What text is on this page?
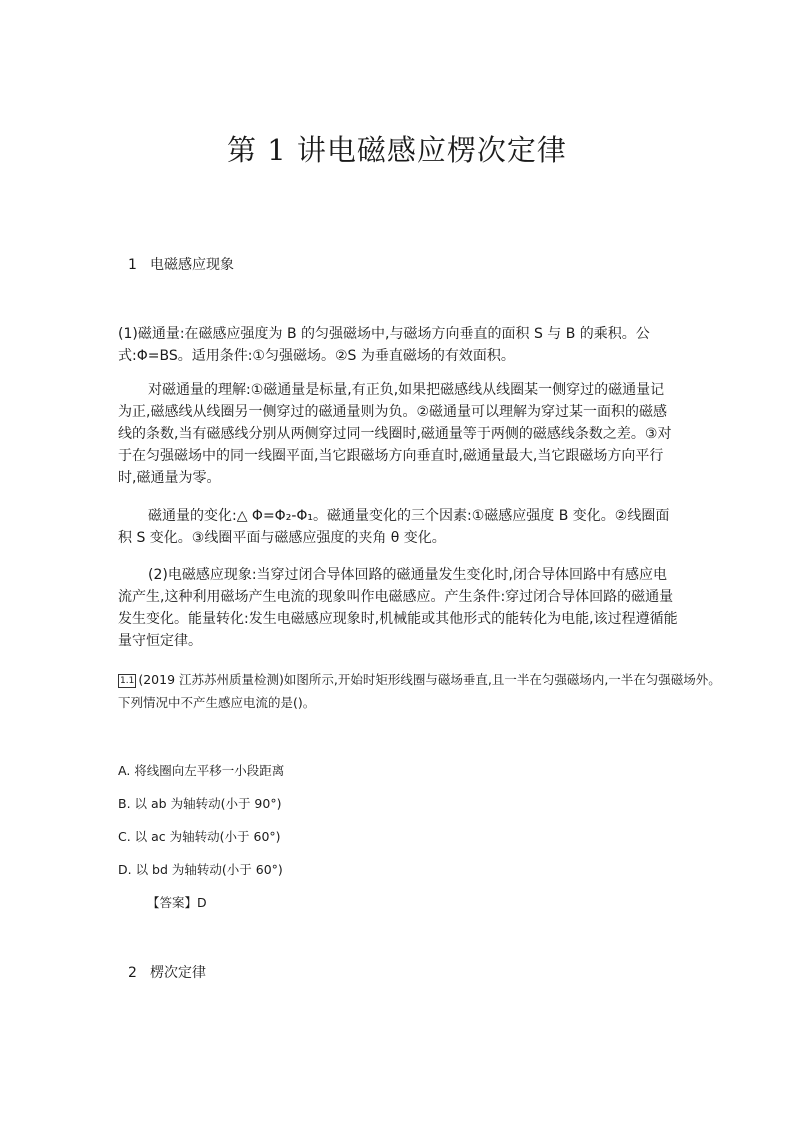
第 1 讲电磁感应楞次定律
1 电磁感应现象
(1)磁通量:在磁感应强度为 B 的匀强磁场中,与磁场方向垂直的面积 S 与 B 的乘积。公
式:Φ=BS。适用条件:①匀强磁场。②S 为垂直磁场的有效面积。
对磁通量的理解:①磁通量是标量,有正负,如果把磁感线从线圈某一侧穿过的磁通量记
为正,磁感线从线圈另一侧穿过的磁通量则为负。②磁通量可以理解为穿过某一面积的磁感
线的条数,当有磁感线分别从两侧穿过同一线圈时,磁通量等于两侧的磁感线条数之差。③对
于在匀强磁场中的同一线圈平面,当它跟磁场方向垂直时,磁通量最大,当它跟磁场方向平行
时,磁通量为零。
磁通量的变化:△ Φ=Φ₂-Φ₁。磁通量变化的三个因素:①磁感应强度 B 变化。②线圈面
积 S 变化。③线圈平面与磁感应强度的夹角 θ 变化。
(2)电磁感应现象:当穿过闭合导体回路的磁通量发生变化时,闭合导体回路中有感应电
流产生,这种利用磁场产生电流的现象叫作电磁感应。产生条件:穿过闭合导体回路的磁通量
发生变化。能量转化:发生电磁感应现象时,机械能或其他形式的能转化为电能,该过程遵循能
量守恒定律。
1.1 (2019 江苏苏州质量检测)如图所示,开始时矩形线圈与磁场垂直,且一半在匀强磁场内,一半在匀强磁场外。
下列情况中不产生感应电流的是()。
A. 将线圈向左平移一小段距离
B. 以 ab 为轴转动(小于 90°)
C. 以 ac 为轴转动(小于 60°)
D. 以 bd 为轴转动(小于 60°)
【答案】D
2 楞次定律
